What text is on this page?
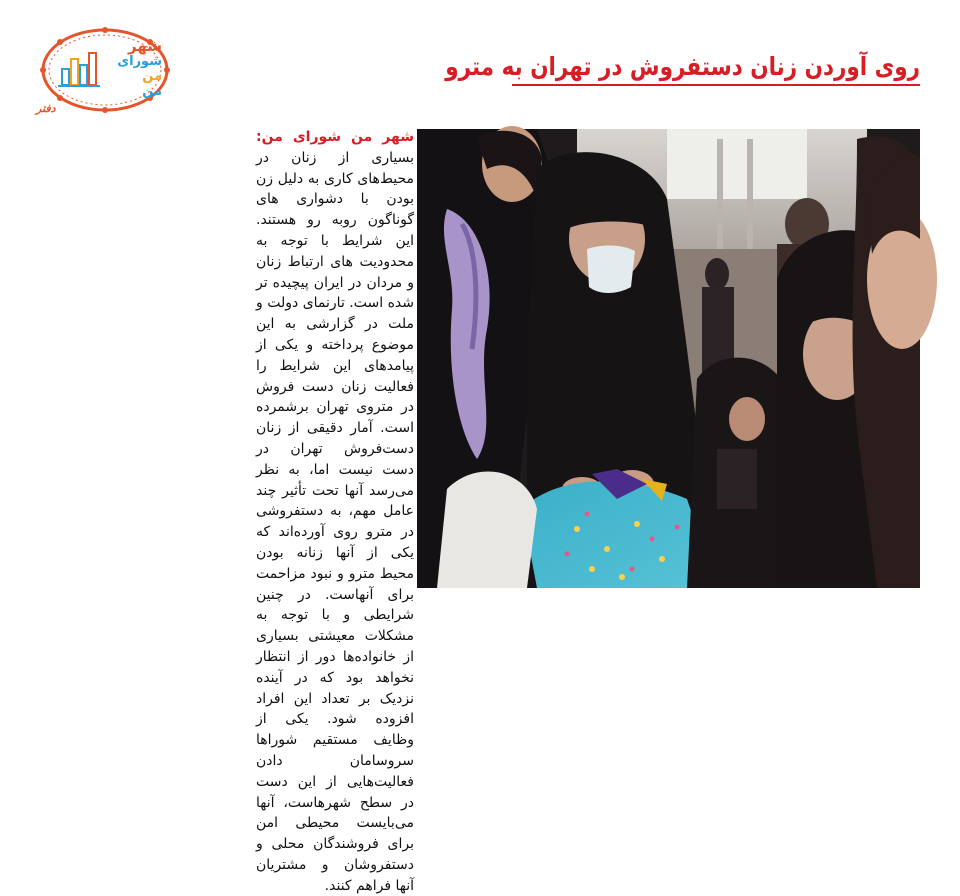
شهر
شورای
من
من
دفتر
روی آوردن زنان دستفروش در تهران به مترو

شهر من شورای من: بسیاری از زنان در محیط‌های کاری به دلیل زن بودن با دشواری های گوناگون روبه رو هستند. این شرایط با توجه به محدودیت های ارتباط زنان و مردان در ایران پیچیده تر شده است. تارنمای دولت و ملت در گزارشی به این موضوع پرداخته و یکی از پیامدهای این شرایط را فعالیت زنان دست فروش در متروی تهران برشمرده است. آمار دقیقی از زنان دست‌فروش تهران در دست نیست اما، به نظر می‌رسد آنها تحت تأثیر چند عامل مهم، به دستفروشی در مترو روی آورده‌اند که یکی از آنها زنانه بودن محیط مترو و نبود مزاحمت برای آنهاست. در چنین شرایطی و با توجه به مشکلات معیشتی بسیاری از خانواده‌ها دور از انتظار نخواهد بود که در آینده نزدیک بر تعداد این افراد افزوده شود. یکی از وظایف مستقیم شوراها سروسامان دادن فعالیت‌هایی از این دست در سطح شهرهاست، آنها می‌بایست محیطی امن برای فروشندگان محلی و دستفروشان و مشتریان آنها فراهم کنند.
